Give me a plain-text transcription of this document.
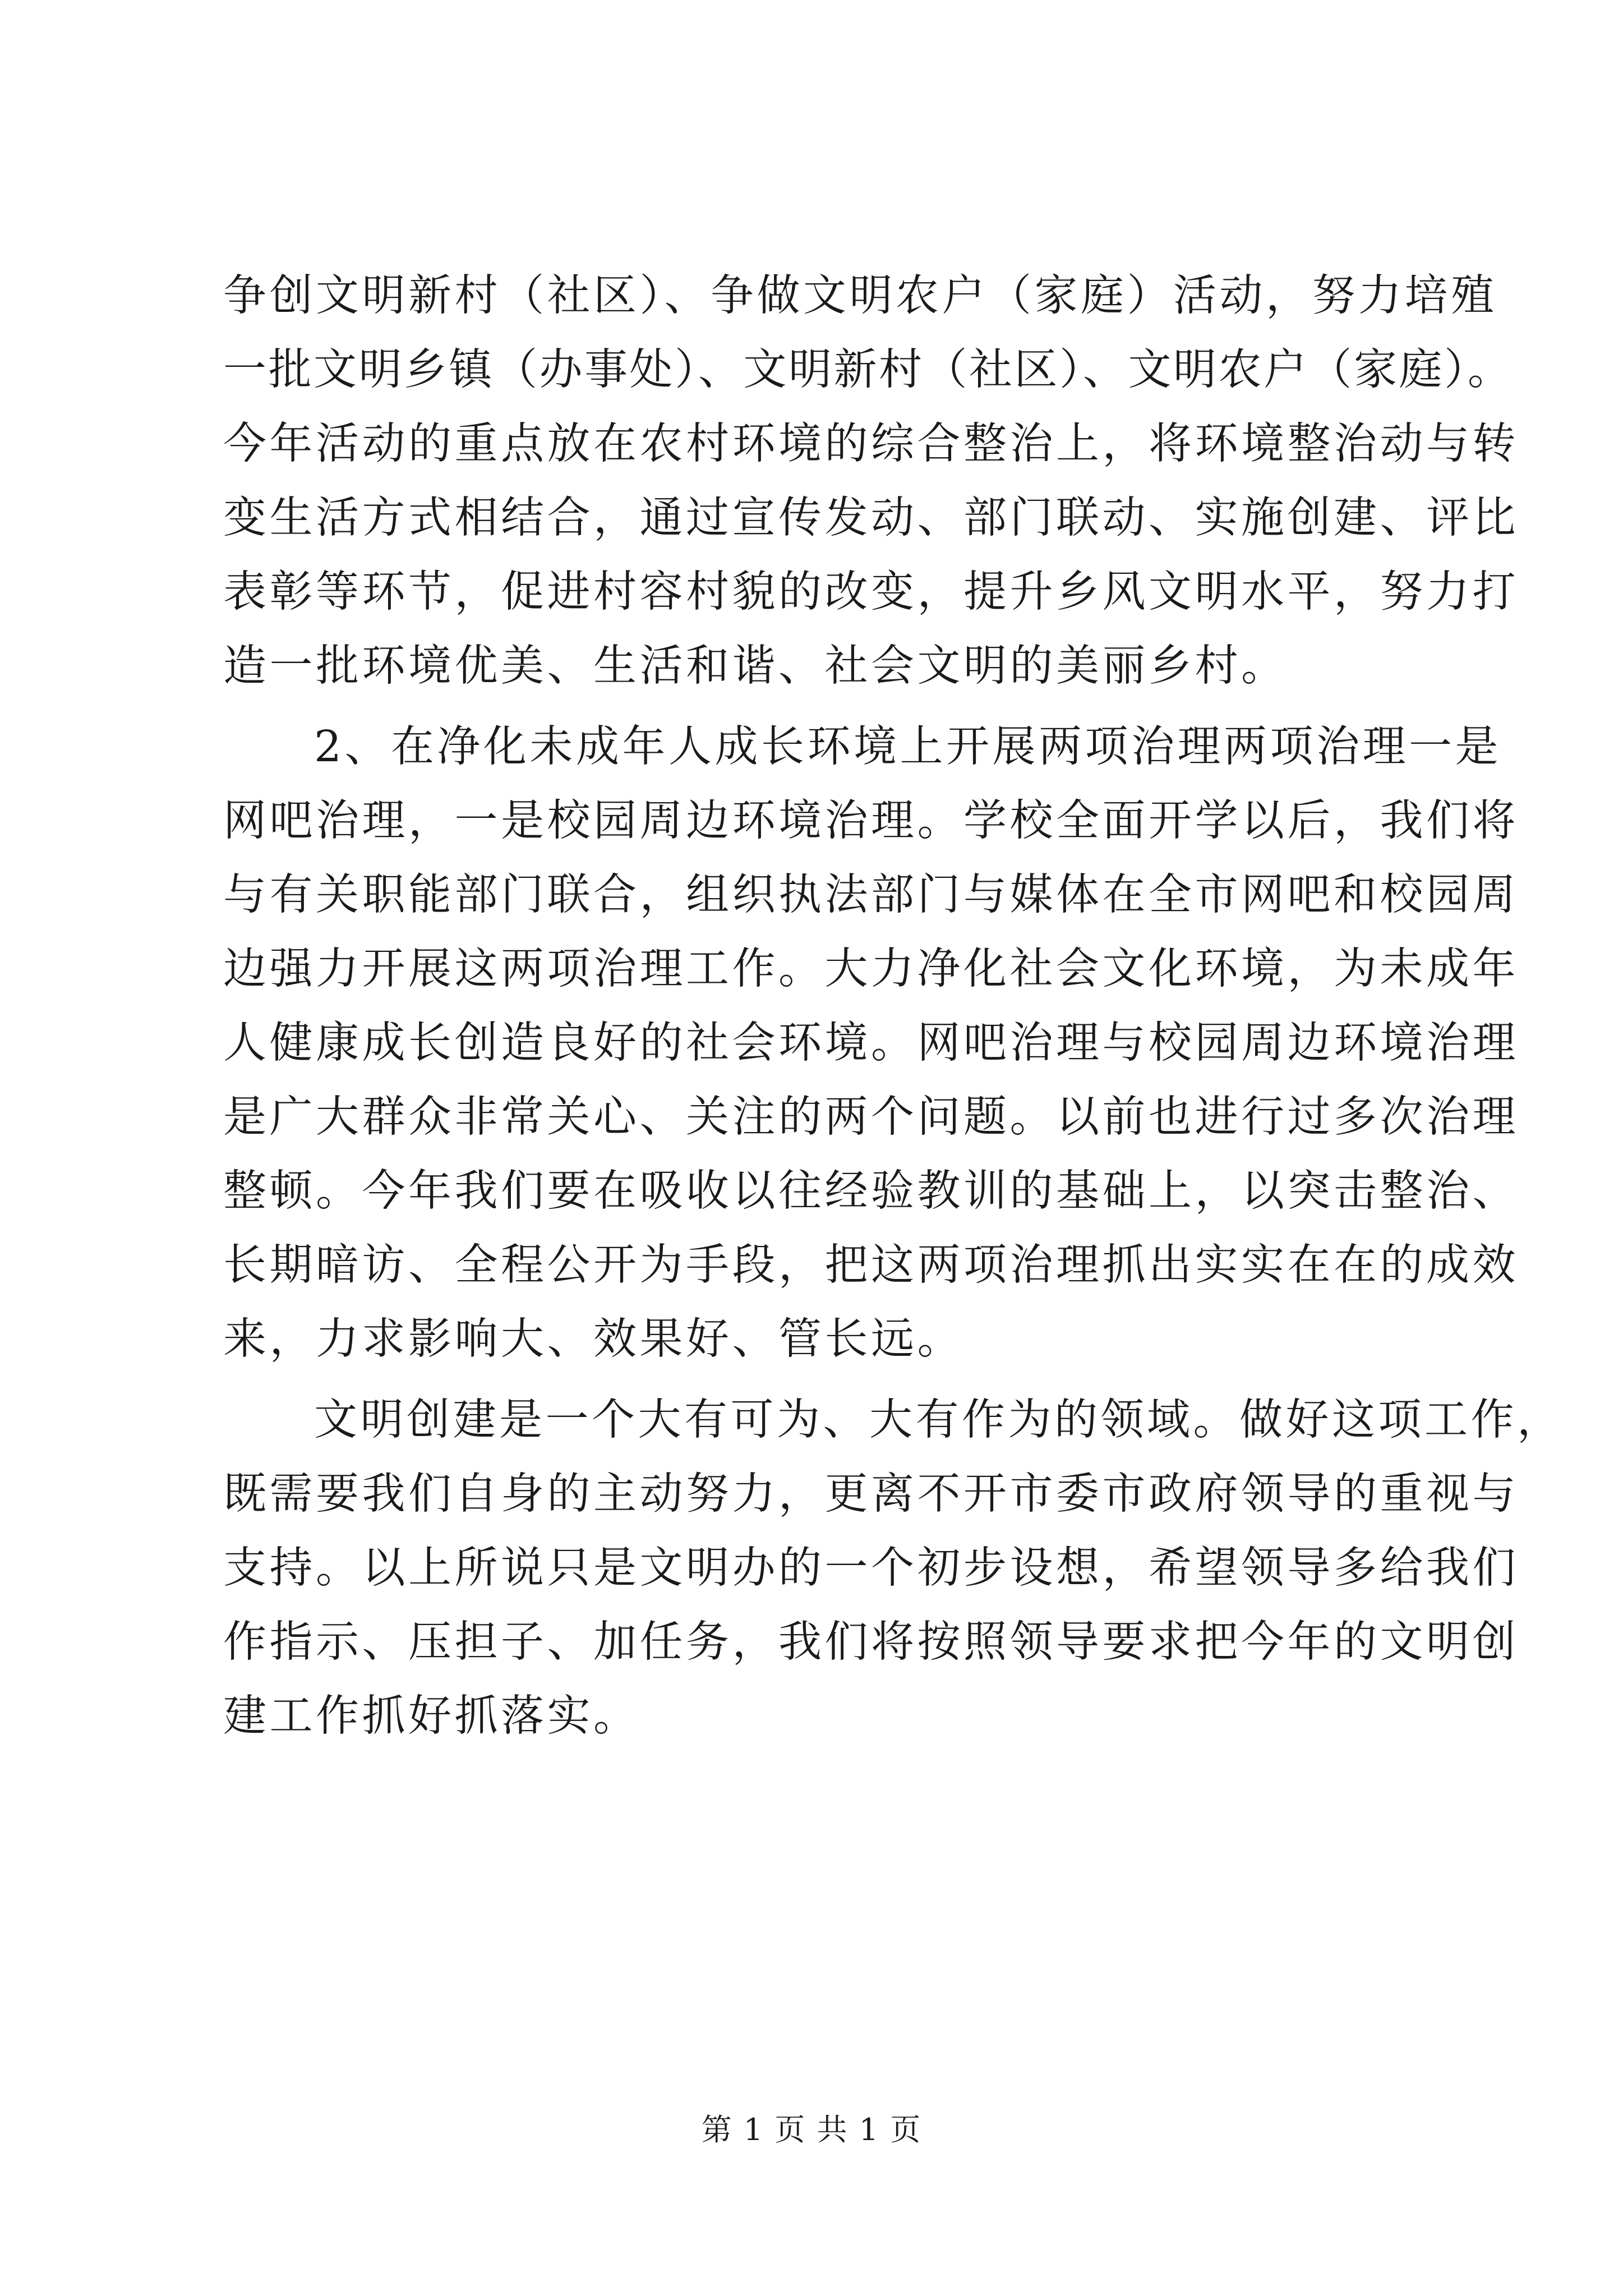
争创文明新村（社区）、争做文明农户（家庭）活动，努力培殖
一批文明乡镇（办事处）、文明新村（社区）、文明农户（家庭）。
今年活动的重点放在农村环境的综合整治上，将环境整治动与转
变生活方式相结合，通过宣传发动、部门联动、实施创建、评比
表彰等环节，促进村容村貌的改变，提升乡风文明水平，努力打
造一批环境优美、生活和谐、社会文明的美丽乡村。
2、在净化未成年人成长环境上开展两项治理两项治理一是
网吧治理，一是校园周边环境治理。学校全面开学以后，我们将
与有关职能部门联合，组织执法部门与媒体在全市网吧和校园周
边强力开展这两项治理工作。大力净化社会文化环境，为未成年
人健康成长创造良好的社会环境。网吧治理与校园周边环境治理
是广大群众非常关心、关注的两个问题。以前也进行过多次治理
整顿。今年我们要在吸收以往经验教训的基础上，以突击整治、
长期暗访、全程公开为手段，把这两项治理抓出实实在在的成效
来，力求影响大、效果好、管长远。
文明创建是一个大有可为、大有作为的领域。做好这项工作，
既需要我们自身的主动努力，更离不开市委市政府领导的重视与
支持。以上所说只是文明办的一个初步设想，希望领导多给我们
作指示、压担子、加任务，我们将按照领导要求把今年的文明创
建工作抓好抓落实。
第 1 页 共 1 页
